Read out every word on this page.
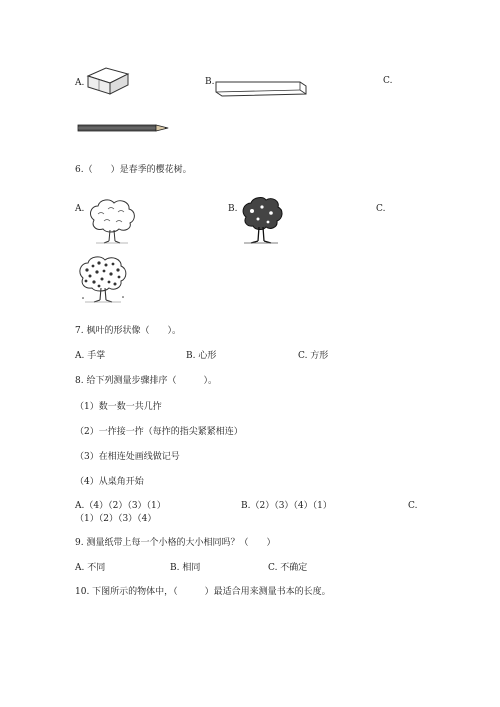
A.	B.	C.
6.（　　）是春季的樱花树。
A.	B.	C.
7. 枫叶的形状像（　　）。
A. 手掌	B. 心形	C. 方形
8. 给下列测量步骤排序（　　　）。
（1）数一数一共几拃
（2）一拃接一拃（每拃的指尖紧紧相连）
（3）在相连处画线做记号
（4）从桌角开始
A.（4）（2）（3）（1）	B.（2）（3）（4）（1）	C.
（1）（2）（3）（4）
9. 测量纸带上每一个小格的大小相同吗？（　　）
A. 不同	B. 相同	C. 不确定
10. 下图所示的物体中，（　　　）最适合用来测量书本的长度。
